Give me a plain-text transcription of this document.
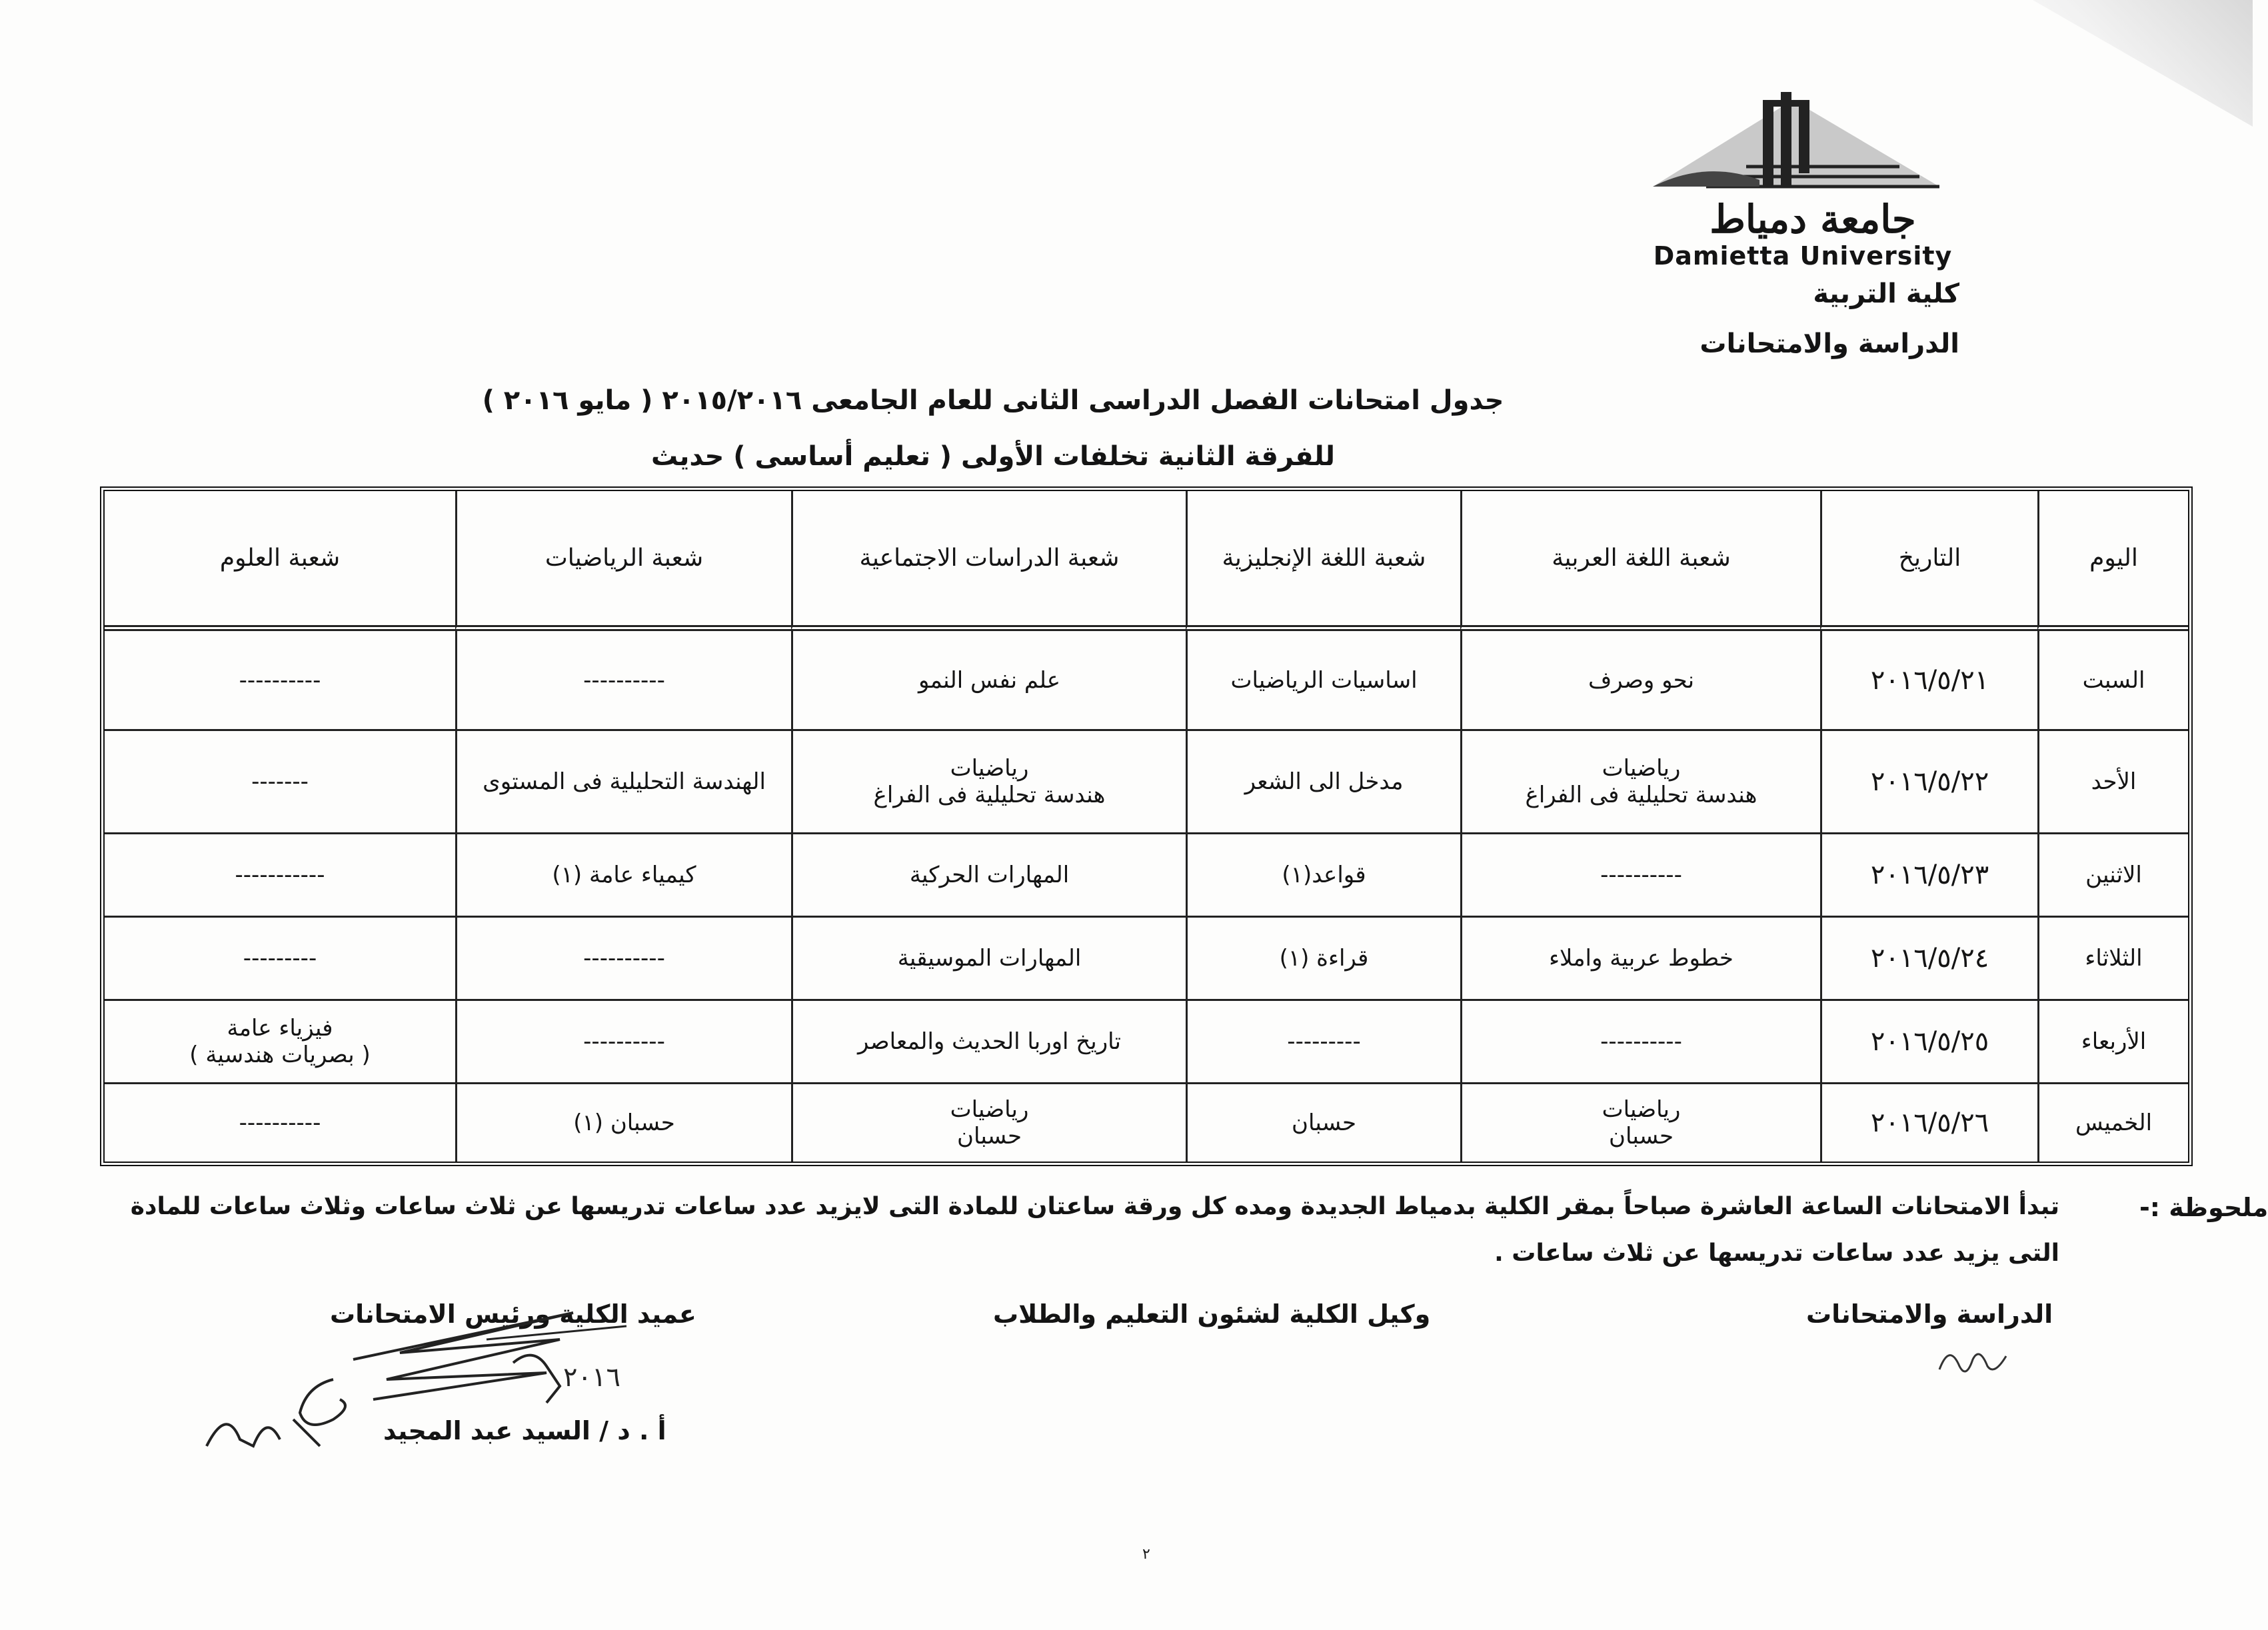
جامعة دمياط
Damietta University
كلية التربية
الدراسة والامتحانات
جدول امتحانات الفصل الدراسى الثانى للعام الجامعى ٢٠١٥/٢٠١٦ ( مايو ٢٠١٦ )
للفرقة الثانية تخلفات الأولى ( تعليم أساسى ) حديث
اليوم
التاريخ
شعبة اللغة العربية
شعبة اللغة الإنجليزية
شعبة الدراسات الاجتماعية
شعبة الرياضيات
شعبة العلوم
السبت
٢٠١٦/٥/٢١
نحو وصرف
اساسيات الرياضيات
علم نفس النمو
----------
----------
الأحد
٢٠١٦/٥/٢٢
رياضيات
هندسة تحليلية فى الفراغ
مدخل الى الشعر
رياضيات
هندسة تحليلية فى الفراغ
الهندسة التحليلية فى المستوى
-------
الاثنين
٢٠١٦/٥/٢٣
----------
قواعد(١)
المهارات الحركية
كيمياء عامة (١)
-----------
الثلاثاء
٢٠١٦/٥/٢٤
خطوط عربية واملاء
قراءة (١)
المهارات الموسيقية
----------
---------
الأربعاء
٢٠١٦/٥/٢٥
----------
---------
تاريخ اوربا الحديث والمعاصر
----------
فيزياء عامة
( بصريات هندسية )
الخميس
٢٠١٦/٥/٢٦
رياضيات
حسبان
حسبان
رياضيات
حسبان
حسبان (١)
----------
ملحوظة :-
تبدأ الامتحانات الساعة العاشرة صباحاً بمقر الكلية بدمياط الجديدة ومده كل ورقة ساعتان للمادة التى لايزيد عدد ساعات تدريسها عن ثلاث ساعات وثلاث ساعات للمادة
التى يزيد عدد ساعات تدريسها عن ثلاث ساعات .
الدراسة والامتحانات
وكيل الكلية لشئون التعليم والطلاب
عميد الكلية ورئيس الامتحانات
أ . د / السيد عبد المجيد
٢٠١٦
٢
